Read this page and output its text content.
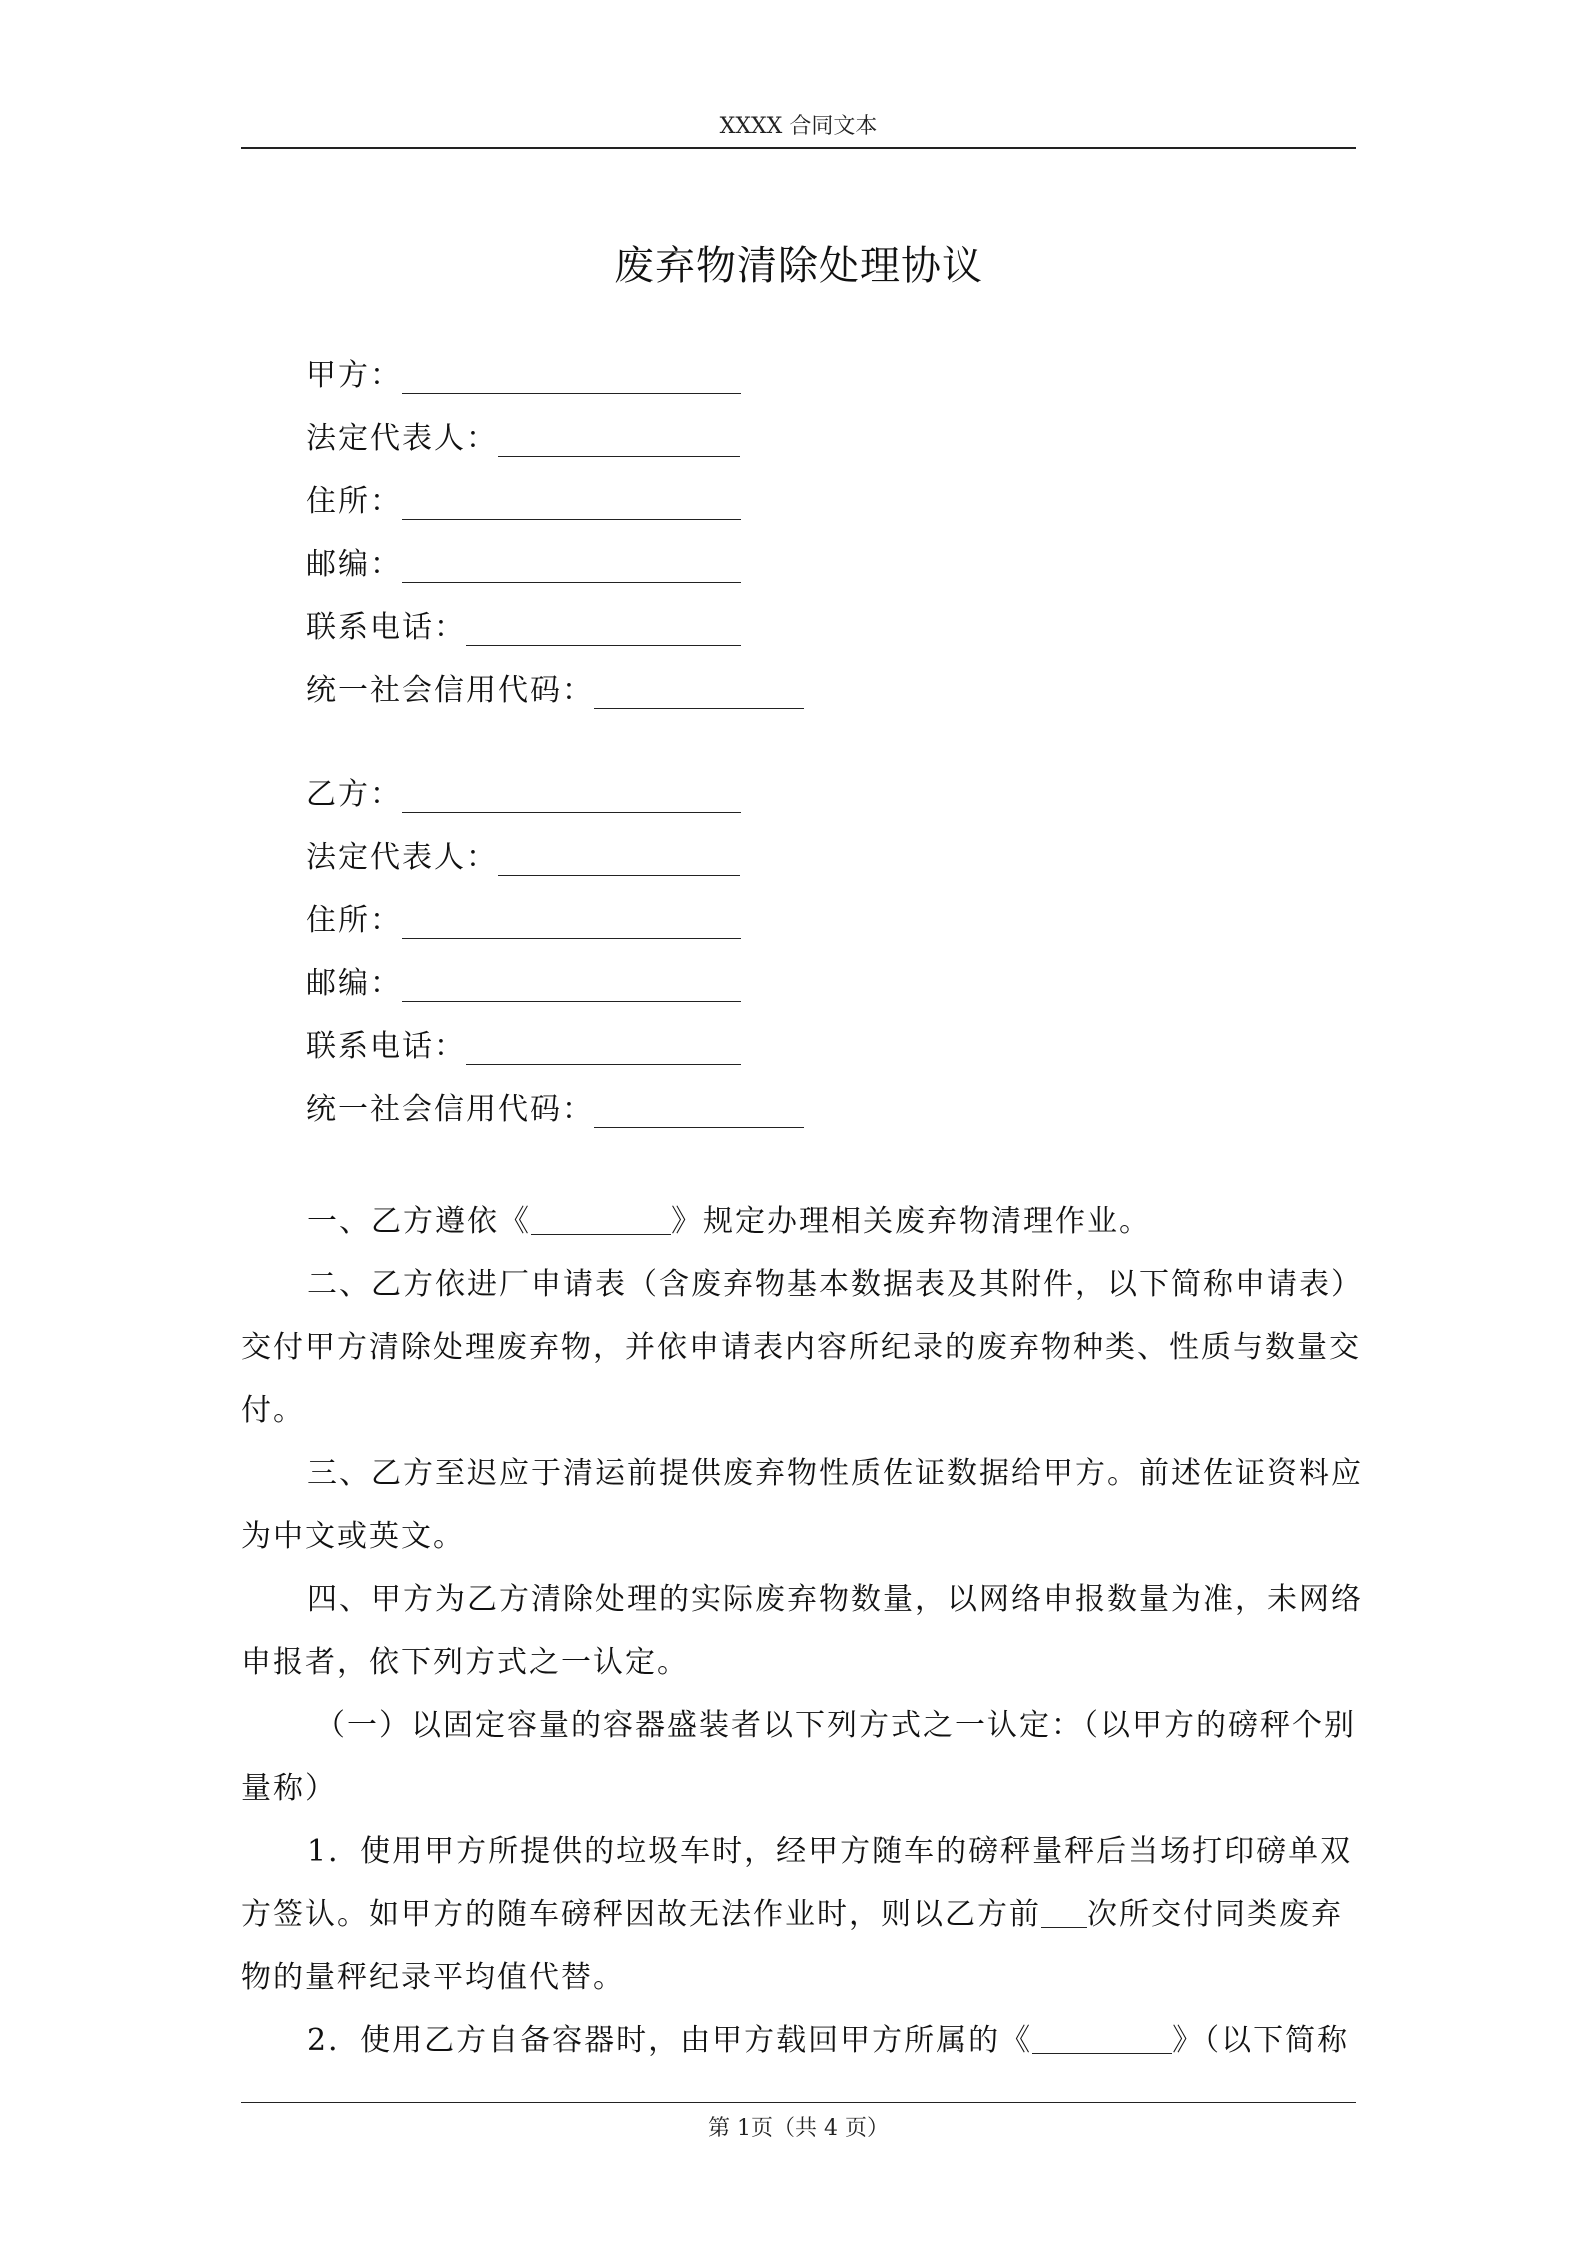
XXXX 合同文本
废弃物清除处理协议
甲方：
法定代表人：
住所：
邮编：
联系电话：
统一社会信用代码：
乙方：
法定代表人：
住所：
邮编：
联系电话：
统一社会信用代码：
一、乙方遵依《	》规定办理相关废弃物清理作业。
二、乙方依进厂申请表（含废弃物基本数据表及其附件，以下简称申请表）
交付甲方清除处理废弃物，并依申请表内容所纪录的废弃物种类、性质与数量交
付。
三、乙方至迟应于清运前提供废弃物性质佐证数据给甲方。前述佐证资料应
为中文或英文。
四、甲方为乙方清除处理的实际废弃物数量，以网络申报数量为准，未网络
申报者，依下列方式之一认定。
（一）以固定容量的容器盛装者以下列方式之一认定：（以甲方的磅秤个别
量称）
1．使用甲方所提供的垃圾车时，经甲方随车的磅秤量秤后当场打印磅单双
方签认。如甲方的随车磅秤因故无法作业时，则以乙方前 次所交付同类废弃
物的量秤纪录平均值代替。
2．使用乙方自备容器时，由甲方载回甲方所属的《	》（以下简称
第 1页（共 4 页）
